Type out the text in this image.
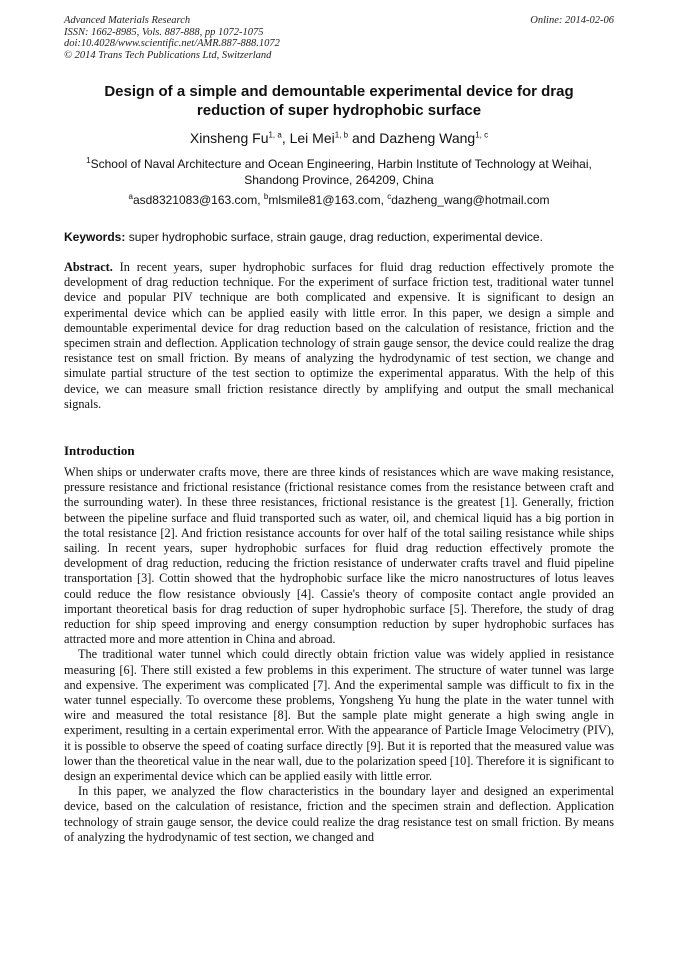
Advanced Materials Research
ISSN: 1662-8985, Vols. 887-888, pp 1072-1075
doi:10.4028/www.scientific.net/AMR.887-888.1072
© 2014 Trans Tech Publications Ltd, Switzerland
Online: 2014-02-06
Design of a simple and demountable experimental device for drag
reduction of super hydrophobic surface
Xinsheng Fu$^{1, a}$, Lei Mei$^{1, b}$ and Dazheng Wang$^{1, c}$
$^1$School of Naval Architecture and Ocean Engineering, Harbin Institute of Technology at Weihai,
Shandong Province, 264209, China
$^a$asd8321083@163.com, $^b$mlsmile81@163.com, $^c$dazheng_wang@hotmail.com
Keywords: super hydrophobic surface, strain gauge, drag reduction, experimental device.
Abstract. In recent years, super hydrophobic surfaces for fluid drag reduction effectively promote the development of drag reduction technique. For the experiment of surface friction test, traditional water tunnel device and popular PIV technique are both complicated and expensive. It is significant to design an experimental device which can be applied easily with little error. In this paper, we design a simple and demountable experimental device for drag reduction based on the calculation of resistance, friction and the specimen strain and deflection. Application technology of strain gauge sensor, the device could realize the drag resistance test on small friction. By means of analyzing the hydrodynamic of test section, we change and simulate partial structure of the test section to optimize the experimental apparatus. With the help of this device, we can measure small friction resistance directly by amplifying and output the small mechanical signals.
Introduction

When ships or underwater crafts move, there are three kinds of resistances which are wave making resistance, pressure resistance and frictional resistance (frictional resistance comes from the resistance between craft and the surrounding water). In these three resistances, frictional resistance is the greatest [1]. Generally, friction between the pipeline surface and fluid transported such as water, oil, and chemical liquid has a big portion in the total resistance [2]. And friction resistance accounts for over half of the total sailing resistance while ships sailing. In recent years, super hydrophobic surfaces for fluid drag reduction effectively promote the development of drag reduction, reducing the friction resistance of underwater crafts travel and fluid pipeline transportation [3]. Cottin showed that the hydrophobic surface like the micro nanostructures of lotus leaves could reduce the flow resistance obviously [4]. Cassie's theory of composite contact angle provided an important theoretical basis for drag reduction of super hydrophobic surface [5]. Therefore, the study of drag reduction for ship speed improving and energy consumption reduction by super hydrophobic surfaces has attracted more and more attention in China and abroad.

The traditional water tunnel which could directly obtain friction value was widely applied in resistance measuring [6]. There still existed a few problems in this experiment. The structure of water tunnel was large and expensive. The experiment was complicated [7]. And the experimental sample was difficult to fix in the water tunnel especially. To overcome these problems, Yongsheng Yu hung the plate in the water tunnel with wire and measured the total resistance [8]. But the sample plate might generate a high swing angle in experiment, resulting in a certain experimental error. With the appearance of Particle Image Velocimetry (PIV), it is possible to observe the speed of coating surface directly [9]. But it is reported that the measured value was lower than the theoretical value in the near wall, due to the polarization speed [10]. Therefore it is significant to design an experimental device which can be applied easily with little error.

In this paper, we analyzed the flow characteristics in the boundary layer and designed an experimental device, based on the calculation of resistance, friction and the specimen strain and deflection. Application technology of strain gauge sensor, the device could realize the drag resistance test on small friction. By means of analyzing the hydrodynamic of test section, we changed and
